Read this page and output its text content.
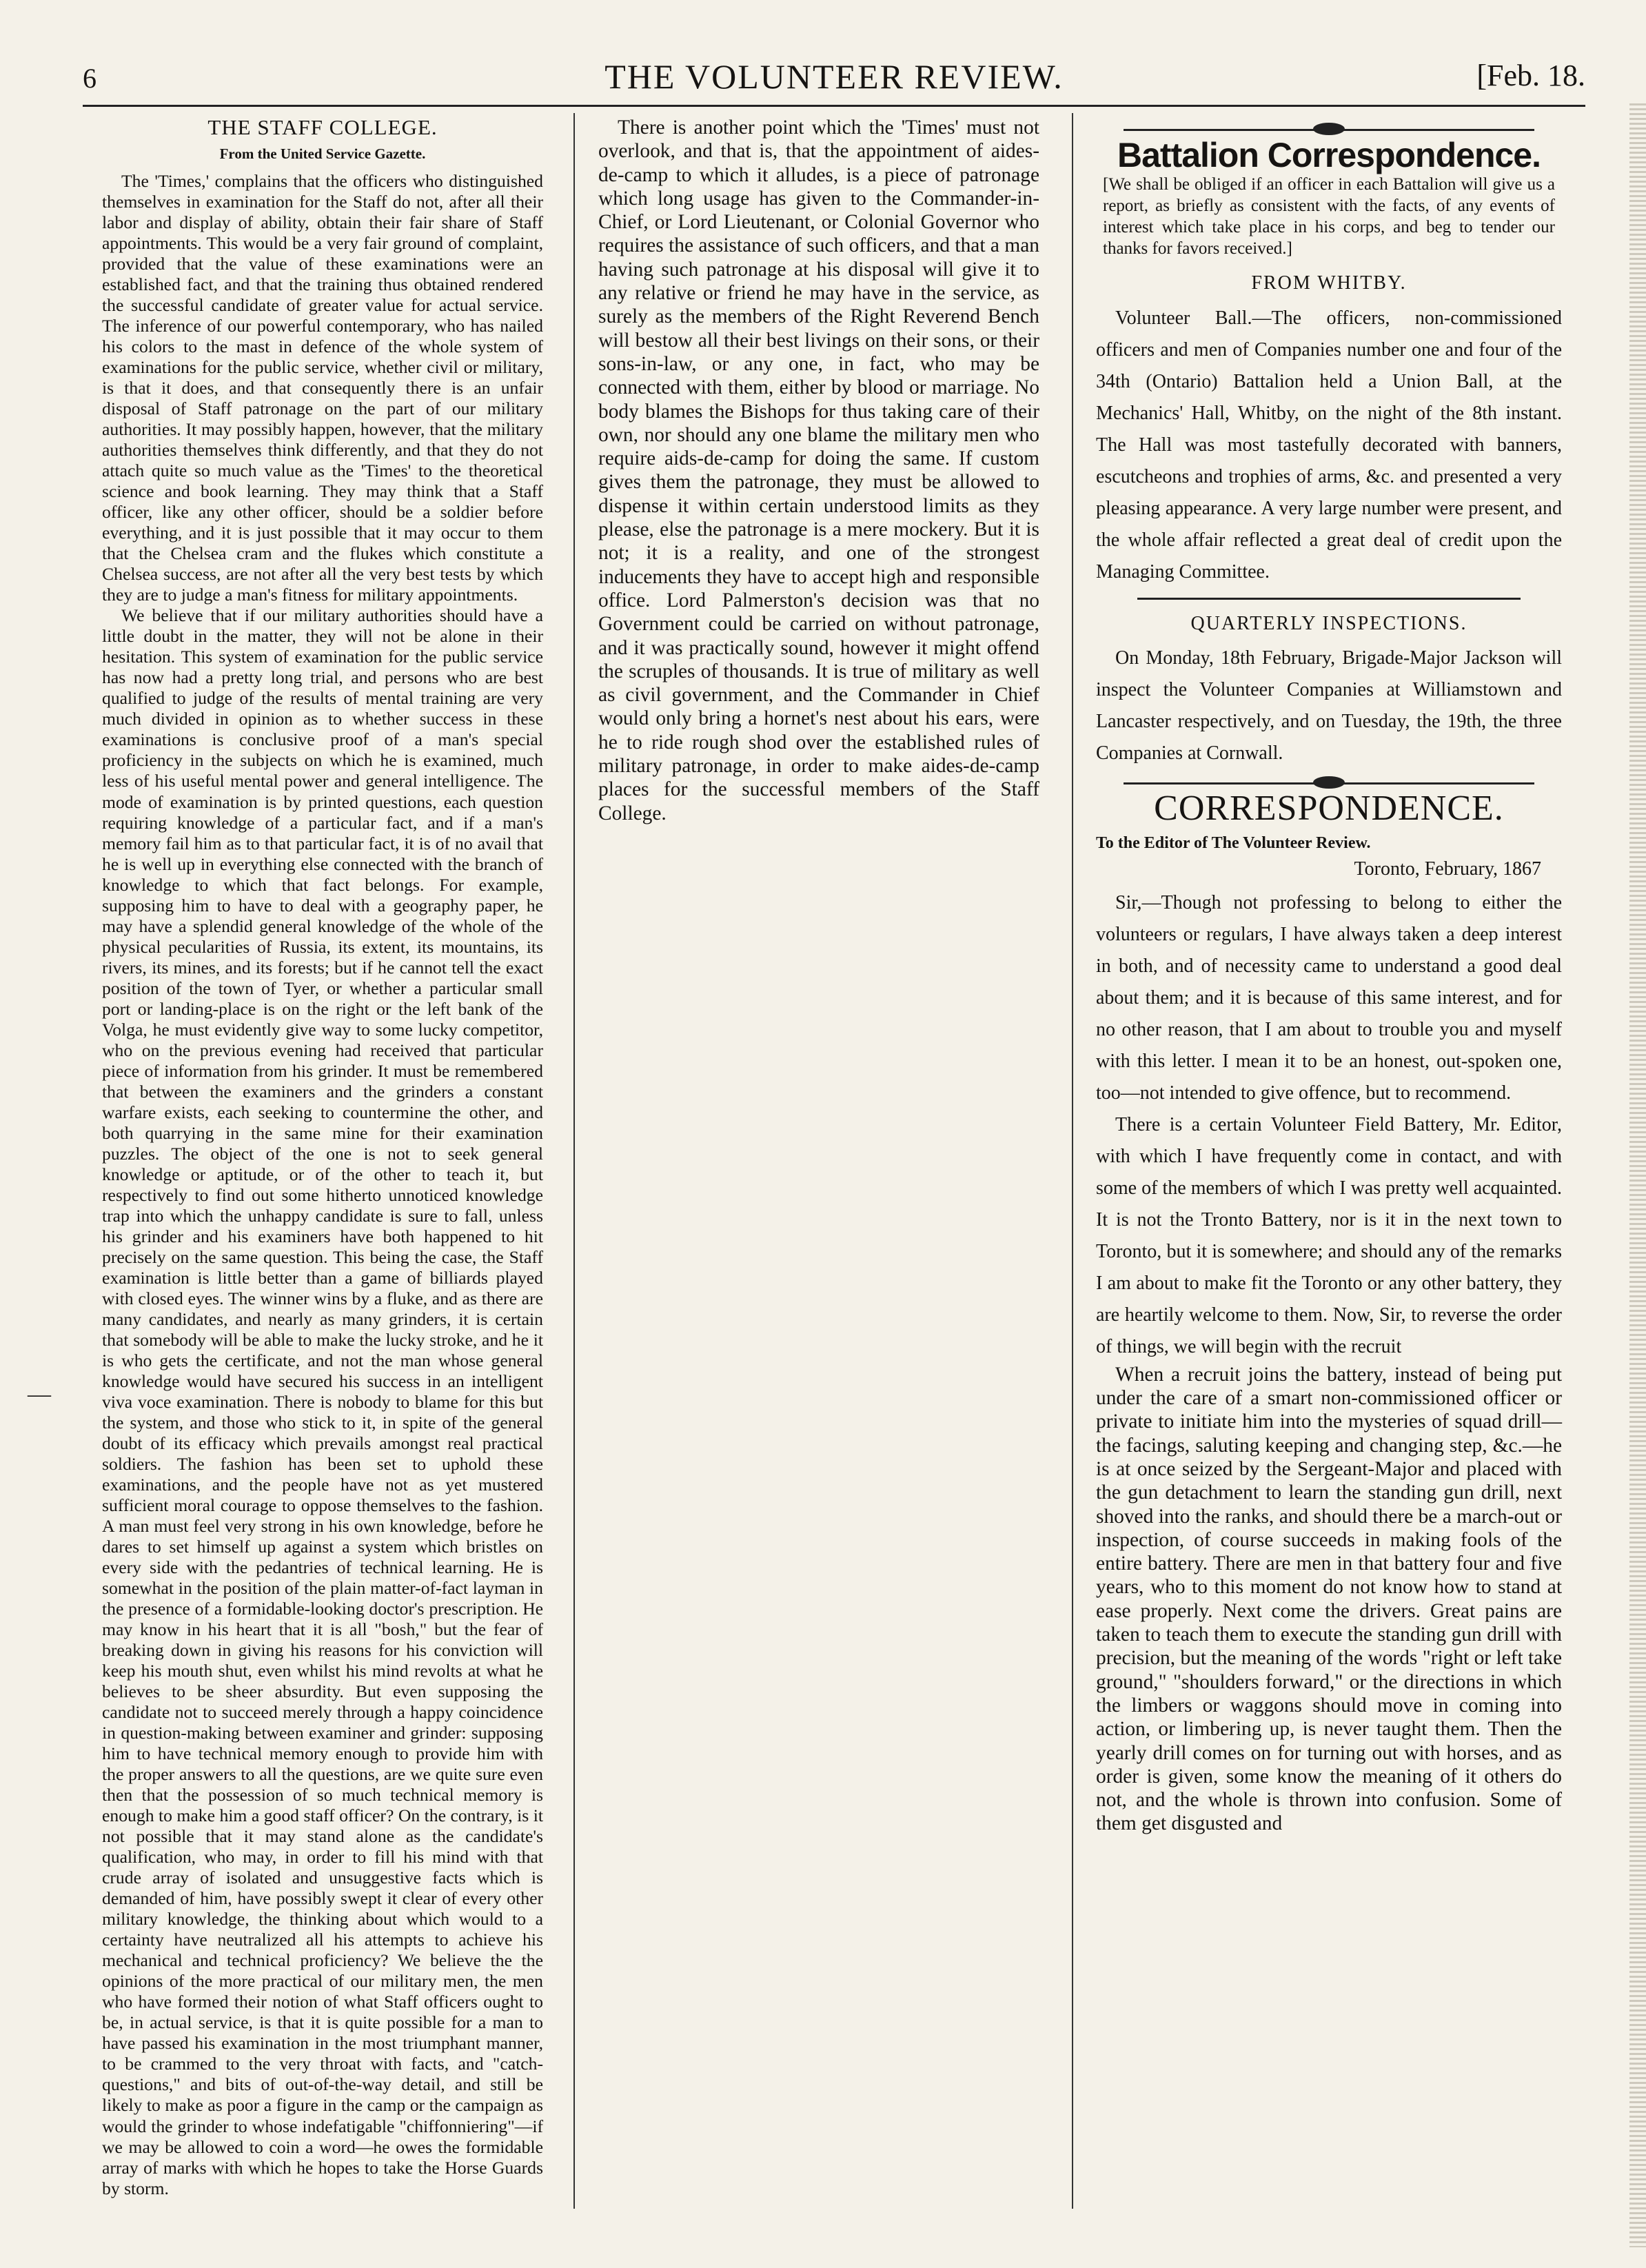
6	THE VOLUNTEER REVIEW.	[Feb. 18.
THE STAFF COLLEGE.
From the United Service Gazette.

The 'Times,' complains that the officers who distinguished themselves in examination for the Staff do not, after all their labor and display of ability, obtain their fair share of Staff appointments. This would be a very fair ground of complaint, provided that the value of these examinations were an established fact, and that the training thus obtained rendered the successful candidate of greater value for actual service. The inference of our powerful contemporary, who has nailed his colors to the mast in defence of the whole system of examinations for the public service, whether civil or military, is that it does, and that consequently there is an unfair disposal of Staff patronage on the part of our military authorities. It may possibly happen, however, that the military authorities themselves think differently, and that they do not attach quite so much value as the 'Times' to the theoretical science and book learning. They may think that a Staff officer, like any other officer, should be a soldier before everything, and it is just possible that it may occur to them that the Chelsea cram and the flukes which constitute a Chelsea success, are not after all the very best tests by which they are to judge a man's fitness for military appointments.

We believe that if our military authorities should have a little doubt in the matter, they will not be alone in their hesitation. This system of examination for the public service has now had a pretty long trial, and persons who are best qualified to judge of the results of mental training are very much divided in opinion as to whether success in these examinations is conclusive proof of a man's special proficiency in the subjects on which he is examined, much less of his useful mental power and general intelligence. The mode of examination is by printed questions, each question requiring knowledge of a particular fact, and if a man's memory fail him as to that particular fact, it is of no avail that he is well up in everything else connected with the branch of knowledge to which that fact belongs. For example, supposing him to have to deal with a geography paper, he may have a splendid general knowledge of the whole of the physical pecularities of Russia, its extent, its mountains, its rivers, its mines, and its forests; but if he cannot tell the exact position of the town of Tyer, or whether a particular small port or landing-place is on the right or the left bank of the Volga, he must evidently give way to some lucky competitor, who on the previous evening had received that particular piece of information from his grinder. It must be remembered that between the examiners and the grinders a constant warfare exists, each seeking to countermine the other, and both quarrying in the same mine for their examination puzzles. The object of the one is not to seek general knowledge or aptitude, or of the other to teach it, but respectively to find out some hitherto unnoticed knowledge trap into which the unhappy candidate is sure to fall, unless his grinder and his examiners have both happened to hit precisely on the same question. This being the case, the Staff examination is little better than a game of billiards played with closed eyes. The winner wins by a fluke, and as there are many candidates, and nearly as many grinders, it is certain that somebody will be able to make the lucky stroke, and he it is who gets the certificate, and not the man whose general knowledge would have secured his success in an intelligent viva voce examination. There is nobody to blame for this but the system, and those who stick to it, in spite of the general doubt of its efficacy which prevails amongst real practical soldiers. The fashion has been set to uphold these examinations, and the people have not as yet mustered sufficient moral courage to oppose themselves to the fashion. A man must feel very strong in his own knowledge, before he dares to set himself up against a system which bristles on every side with the pedantries of technical learning. He is somewhat in the position of the plain matter-of-fact layman in the presence of a formidable-looking doctor's prescription. He may know in his heart that it is all "bosh," but the fear of breaking down in giving his reasons for his conviction will keep his mouth shut, even whilst his mind revolts at what he believes to be sheer absurdity. But even supposing the candidate not to succeed merely through a happy coincidence in question-making between examiner and grinder: supposing him to have technical memory enough to provide him with the proper answers to all the questions, are we quite sure even then that the possession of so much technical memory is enough to make him a good staff officer? On the contrary, is it not possible that it may stand alone as the candidate's qualification, who may, in order to fill his mind with that crude array of isolated and unsuggestive facts which is demanded of him, have possibly swept it clear of every other military knowledge, the thinking about which would to a certainty have neutralized all his attempts to achieve his mechanical and technical proficiency? We believe the the opinions of the more practical of our military men, the men who have formed their notion of what Staff officers ought to be, in actual service, is that it is quite possible for a man to have passed his examination in the most triumphant manner, to be crammed to the very throat with facts, and "catch-questions," and bits of out-of-the-way detail, and still be likely to make as poor a figure in the camp or the campaign as would the grinder to whose indefatigable "chiffonniering"—if we may be allowed to coin a word—he owes the formidable array of marks with which he hopes to take the Horse Guards by storm.

There is another point which the 'Times' must not overlook, and that is, that the appointment of aides-de-camp to which it alludes, is a piece of patronage which long usage has given to the Commander-in-Chief, or Lord Lieutenant, or Colonial Governor who requires the assistance of such officers, and that a man having such patronage at his disposal will give it to any relative or friend he may have in the service, as surely as the members of the Right Reverend Bench will bestow all their best livings on their sons, or their sons-in-law, or any one, in fact, who may be connected with them, either by blood or marriage. No body blames the Bishops for thus taking care of their own, nor should any one blame the military men who require aids-de-camp for doing the same. If custom gives them the patronage, they must be allowed to dispense it within certain understood limits as they please, else the patronage is a mere mockery. But it is not; it is a reality, and one of the strongest inducements they have to accept high and responsible office. Lord Palmerston's decision was that no Government could be carried on without patronage, and it was practically sound, however it might offend the scruples of thousands. It is true of military as well as civil government, and the Commander in Chief would only bring a hornet's nest about his ears, were he to ride rough shod over the established rules of military patronage, in order to make aides-de-camp places for the successful members of the Staff College.

Battalion Correspondence.
[We shall be obliged if an officer in each Battalion will give us a report, as briefly as consistent with the facts, of any events of interest which take place in his corps, and beg to tender our thanks for favors received.]
FROM WHITBY.

Volunteer Ball.—The officers, non-commissioned officers and men of Companies number one and four of the 34th (Ontario) Battalion held a Union Ball, at the Mechanics' Hall, Whitby, on the night of the 8th instant. The Hall was most tastefully decorated with banners, escutcheons and trophies of arms, &c. and presented a very pleasing appearance. A very large number were present, and the whole affair reflected a great deal of credit upon the Managing Committee.

QUARTERLY INSPECTIONS.

On Monday, 18th February, Brigade-Major Jackson will inspect the Volunteer Companies at Williamstown and Lancaster respectively, and on Tuesday, the 19th, the three Companies at Cornwall.

CORRESPONDENCE.
To the Editor of The Volunteer Review.
Toronto, February, 1867

Sir,—Though not professing to belong to either the volunteers or regulars, I have always taken a deep interest in both, and of necessity came to understand a good deal about them; and it is because of this same interest, and for no other reason, that I am about to trouble you and myself with this letter. I mean it to be an honest, out-spoken one, too—not intended to give offence, but to recommend.

There is a certain Volunteer Field Battery, Mr. Editor, with which I have frequently come in contact, and with some of the members of which I was pretty well acquainted. It is not the Tronto Battery, nor is it in the next town to Toronto, but it is somewhere; and should any of the remarks I am about to make fit the Toronto or any other battery, they are heartily welcome to them. Now, Sir, to reverse the order of things, we will begin with the recruit

When a recruit joins the battery, instead of being put under the care of a smart non-commissioned officer or private to initiate him into the mysteries of squad drill—the facings, saluting keeping and changing step, &c.—he is at once seized by the Sergeant-Major and placed with the gun detachment to learn the standing gun drill, next shoved into the ranks, and should there be a march-out or inspection, of course succeeds in making fools of the entire battery. There are men in that battery four and five years, who to this moment do not know how to stand at ease properly. Next come the drivers. Great pains are taken to teach them to execute the standing gun drill with precision, but the meaning of the words "right or left take ground," "shoulders forward," or the directions in which the limbers or waggons should move in coming into action, or limbering up, is never taught them. Then the yearly drill comes on for turning out with horses, and as order is given, some know the meaning of it others do not, and the whole is thrown into confusion. Some of them get disgusted and

—
